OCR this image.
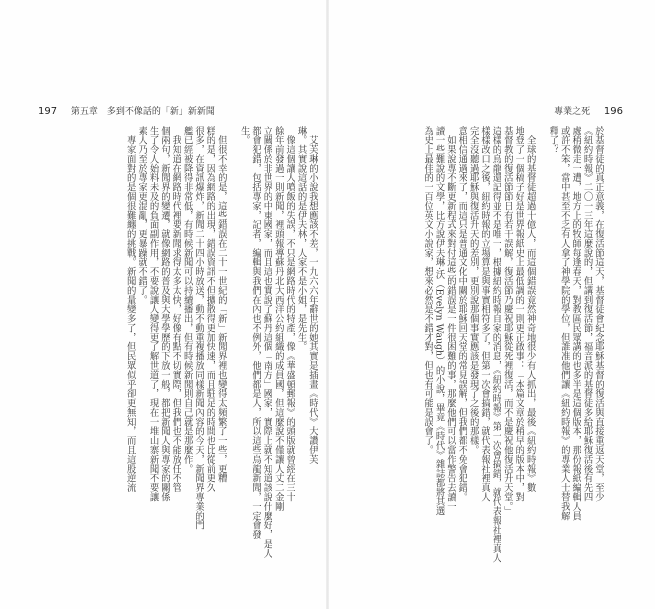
197 第五章　多到不像話的「新」新新聞
　艾芙琳的小說我想應該不差，一九六六年辭世的她其實是插畫《時代》大讚伊芙
琳。其實說這話的是伊夫林，人家不是小姐，是先生。
　像這個讓人噴飯的失誤，不只是網路時代的特產，像《華盛頓郵報》的頭版就曾經在三十
餘年前發過一則新聞，裡頭報導蘇丹北大西洋公約組織的成員國，但這麼說不僅讓人丈二金剛
立關係於非世界的中東國家，而且這也實說了蘇丹這個「南方」國家，實際上就不知道該說什麼好，是人
都會犯錯，包括專家，記者，編輯與我們在內也不例外，他們都是人，所以這些烏龍新聞，一定會發
生。
　但很不幸的是，這些錯誤在二十一世紀的「新」新聞界裡也變得太頻繁了一些，更糟
糕的是，因為網路的出現，錯誤資訊不但擴散得更加快速，而且駐足的時間也比從前更久
很多，在資訊爆炸，新聞二十四小時放送，動不動重複播放同樣新聞內容的今天，新聞界專業的門
艦已經被降得非常低，有時候新聞可以持續播出，但有時候新聞則自己就是那麼作。
　我知道在網路時代裡要新聞求得太多太快，好像有點不切實際，但我們也不能放任不管
個兩句，新聞界的變遷，就像網路的普及與大學學歷的下放一般，都把新聞人與專家的關係
生了令人始料未及的負面副作用，不要說讓人變得更了解世道了，現在一堆山寨新聞不要讓
素人乃至於專家更混亂，更暴躁就不錯了。
　專家面對的是個很難纏的挑戰。新聞的量變多了，但民眾似乎卻更無知，而且這股逆流
專業之死 196
於基督徒的真正意義，在復活節這天，基督徒會紀念耶穌基督的復活與直接重返天堂，至少
《紐約時報》二〇一三年這麼說的，但講到復活節，福音派的基督徒多給耶穌復活後有先四
處稍微走一遭，地方上的牧師每逢春天，對教區民眾講的也多半是這個版本，那份報紙編輯人員
或許不笨，當中甚至不乏有人拿了神學院的學位，但誰准他們讓《紐約時報》的專業人士替我解
釋了？
　全球的基督徒超過十億人，而這個錯誤竟然神奇地很少有人抓出，最後《紐約時報》數
地登了一個稿子好是世界報紙史上最低調的一則更正啟事：「本篇文章於稍早的版本中，對
基督教的復活節節日有若干誤解，復活節乃慶祝耶穌從死裡復活，而不是慶祝他復活升天堂。」
這樣的烏龍還記得並不是唯一，根據紐約時報自家的消息，《紐約時報》第一次會搞錯，就代表報社裡真人
樣樣改口之後，紐約時報的立場算是與事實相符多了，但第一次會搞錯，就代表報社裡真人
完全沒聽過耶穌與復活升天的差別，更別說那個事實應該是發現了之後的那樣。
意相信通過來了，而這只是普通文化中關於耶穌回天堂的常見誤解，但我們都不免會犯錯。
　如果說專不斷更新程式來對付這些的錯誤是一件很困難的事，那麼他們可以當作警告去讀一
讀一些難說的文學，比方說伊夫琳·沃（Evelyn Waugh）的小說，畢竟《時代》雜誌都將其選
為史上最佳的一百位英文小說家，想來必然是不錯才對，但也有可能是誤會了。
